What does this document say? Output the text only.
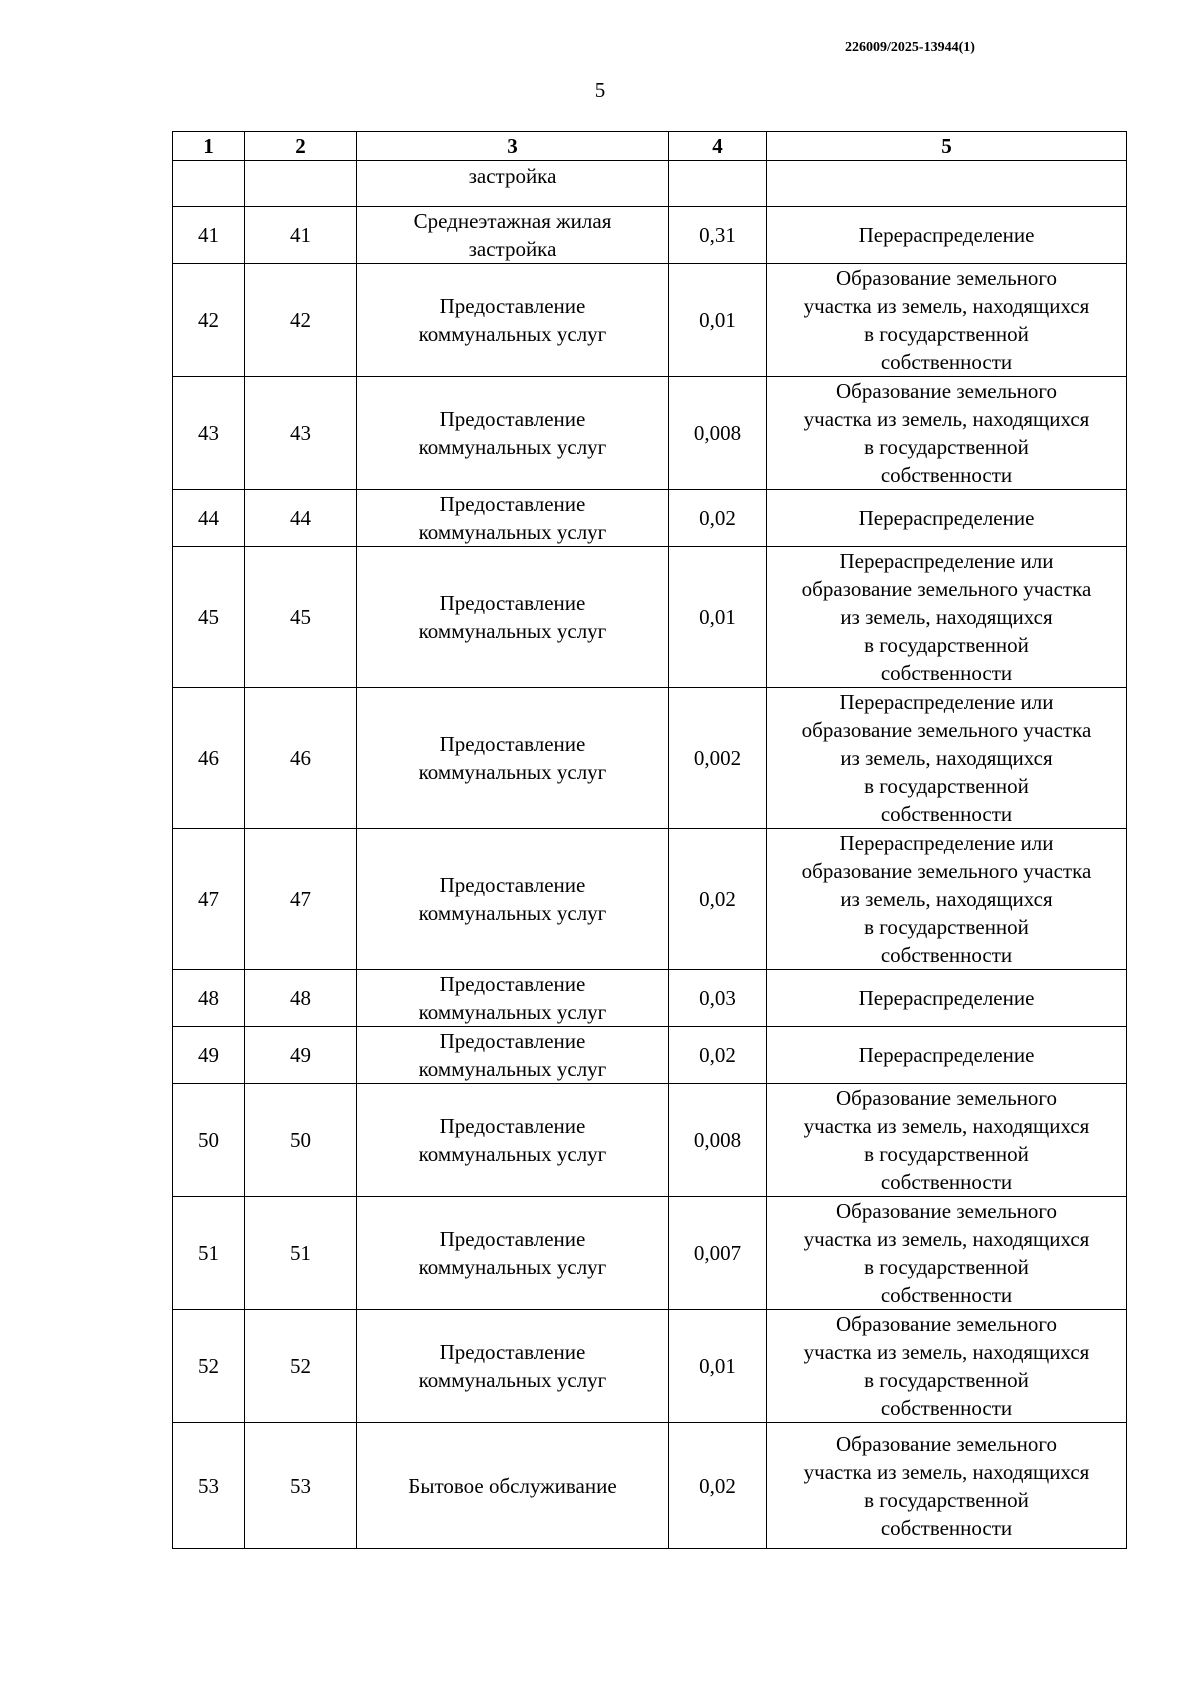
226009/2025-13944(1)
5
1	2	3	4	5

		застройка		

41	41	Среднеэтажная жилая
застройка	0,31	Перераспределение

42	42	Предоставление
коммунальных услуг	0,01	Образование земельного
участка из земель, находящихся
в государственной
собственности

43	43	Предоставление
коммунальных услуг	0,008	Образование земельного
участка из земель, находящихся
в государственной
собственности

44	44	Предоставление
коммунальных услуг	0,02	Перераспределение

45	45	Предоставление
коммунальных услуг	0,01	Перераспределение или
образование земельного участка
из земель, находящихся
в государственной
собственности

46	46	Предоставление
коммунальных услуг	0,002	Перераспределение или
образование земельного участка
из земель, находящихся
в государственной
собственности

47	47	Предоставление
коммунальных услуг	0,02	Перераспределение или
образование земельного участка
из земель, находящихся
в государственной
собственности

48	48	Предоставление
коммунальных услуг	0,03	Перераспределение

49	49	Предоставление
коммунальных услуг	0,02	Перераспределение

50	50	Предоставление
коммунальных услуг	0,008	Образование земельного
участка из земель, находящихся
в государственной
собственности

51	51	Предоставление
коммунальных услуг	0,007	Образование земельного
участка из земель, находящихся
в государственной
собственности

52	52	Предоставление
коммунальных услуг	0,01	Образование земельного
участка из земель, находящихся
в государственной
собственности

53	53	Бытовое обслуживание	0,02	Образование земельного
участка из земель, находящихся
в государственной
собственности
